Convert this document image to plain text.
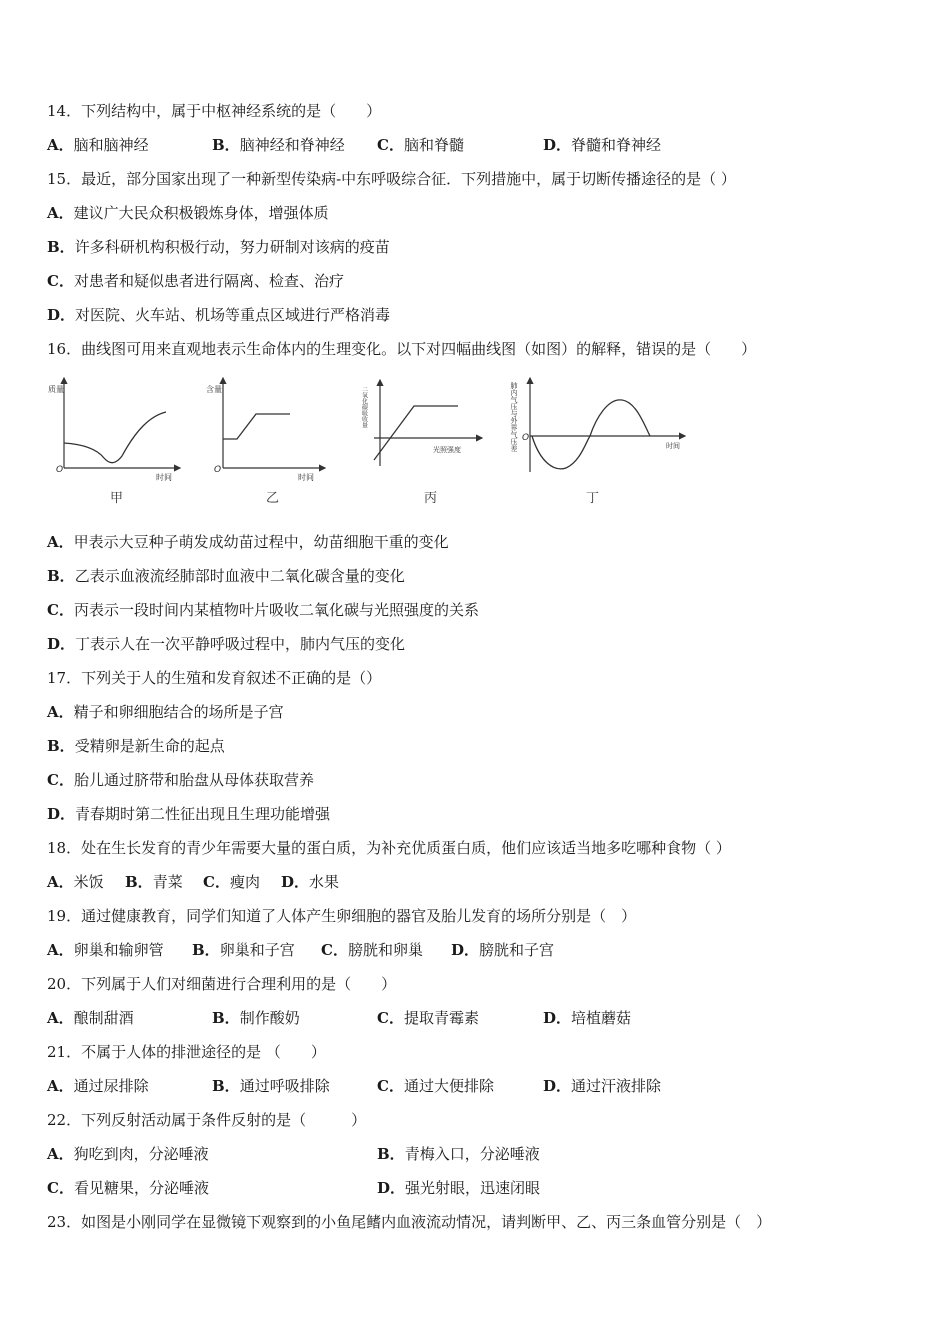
14．下列结构中，属于中枢神经系统的是（　　）
A．脑和脑神经	B．脑神经和脊神经 C．脑和脊髓	D．脊髓和脊神经
15．最近，部分国家出现了一种新型传染病-中东呼吸综合征．下列措施中，属于切断传播途径的是（ ）
A．建议广大民众积极锻炼身体，增强体质
B．许多科研机构积极行动，努力研制对该病的疫苗
C．对患者和疑似患者进行隔离、检查、治疗
D．对医院、火车站、机场等重点区域进行严格消毒
16．曲线图可用来直观地表示生命体内的生理变化。以下对四幅曲线图（如图）的解释，错误的是（　　）
质量
O
时间
甲
含量
O
时间
乙
二氧化碳吸收量
光照强度
丙
肺内气压与外界气压差 O
时间
丁
A．甲表示大豆种子萌发成幼苗过程中，幼苗细胞干重的变化
B．乙表示血液流经肺部时血液中二氧化碳含量的变化
C．丙表示一段时间内某植物叶片吸收二氧化碳与光照强度的关系
D．丁表示人在一次平静呼吸过程中，肺内气压的变化
17．下列关于人的生殖和发育叙述不正确的是（）
A．精子和卵细胞结合的场所是子宫
B．受精卵是新生命的起点
C．胎儿通过脐带和胎盘从母体获取营养
D．青春期时第二性征出现且生理功能增强
18．处在生长发育的青少年需要大量的蛋白质，为补充优质蛋白质，他们应该适当地多吃哪种食物（ ）
A．米饭 B．青菜 C．瘦肉 D．水果
19．通过健康教育，同学们知道了人体产生卵细胞的器官及胎儿发育的场所分别是（　）
A．卵巢和输卵管 B．卵巢和子宫 C．膀胱和卵巢 D．膀胱和子宫
20．下列属于人们对细菌进行合理利用的是（　　）
A．酿制甜酒	B．制作酸奶	C．提取青霉素	D．培植蘑菇
21．不属于人体的排泄途径的是 （　　）
A．通过尿排除	B．通过呼吸排除	C．通过大便排除	D．通过汗液排除
22．下列反射活动属于条件反射的是（　　　）
A．狗吃到肉，分泌唾液	B．青梅入口，分泌唾液
C．看见糖果，分泌唾液	D．强光射眼，迅速闭眼
23．如图是小刚同学在显微镜下观察到的小鱼尾鳍内血液流动情况，请判断甲、乙、丙三条血管分别是（　）
